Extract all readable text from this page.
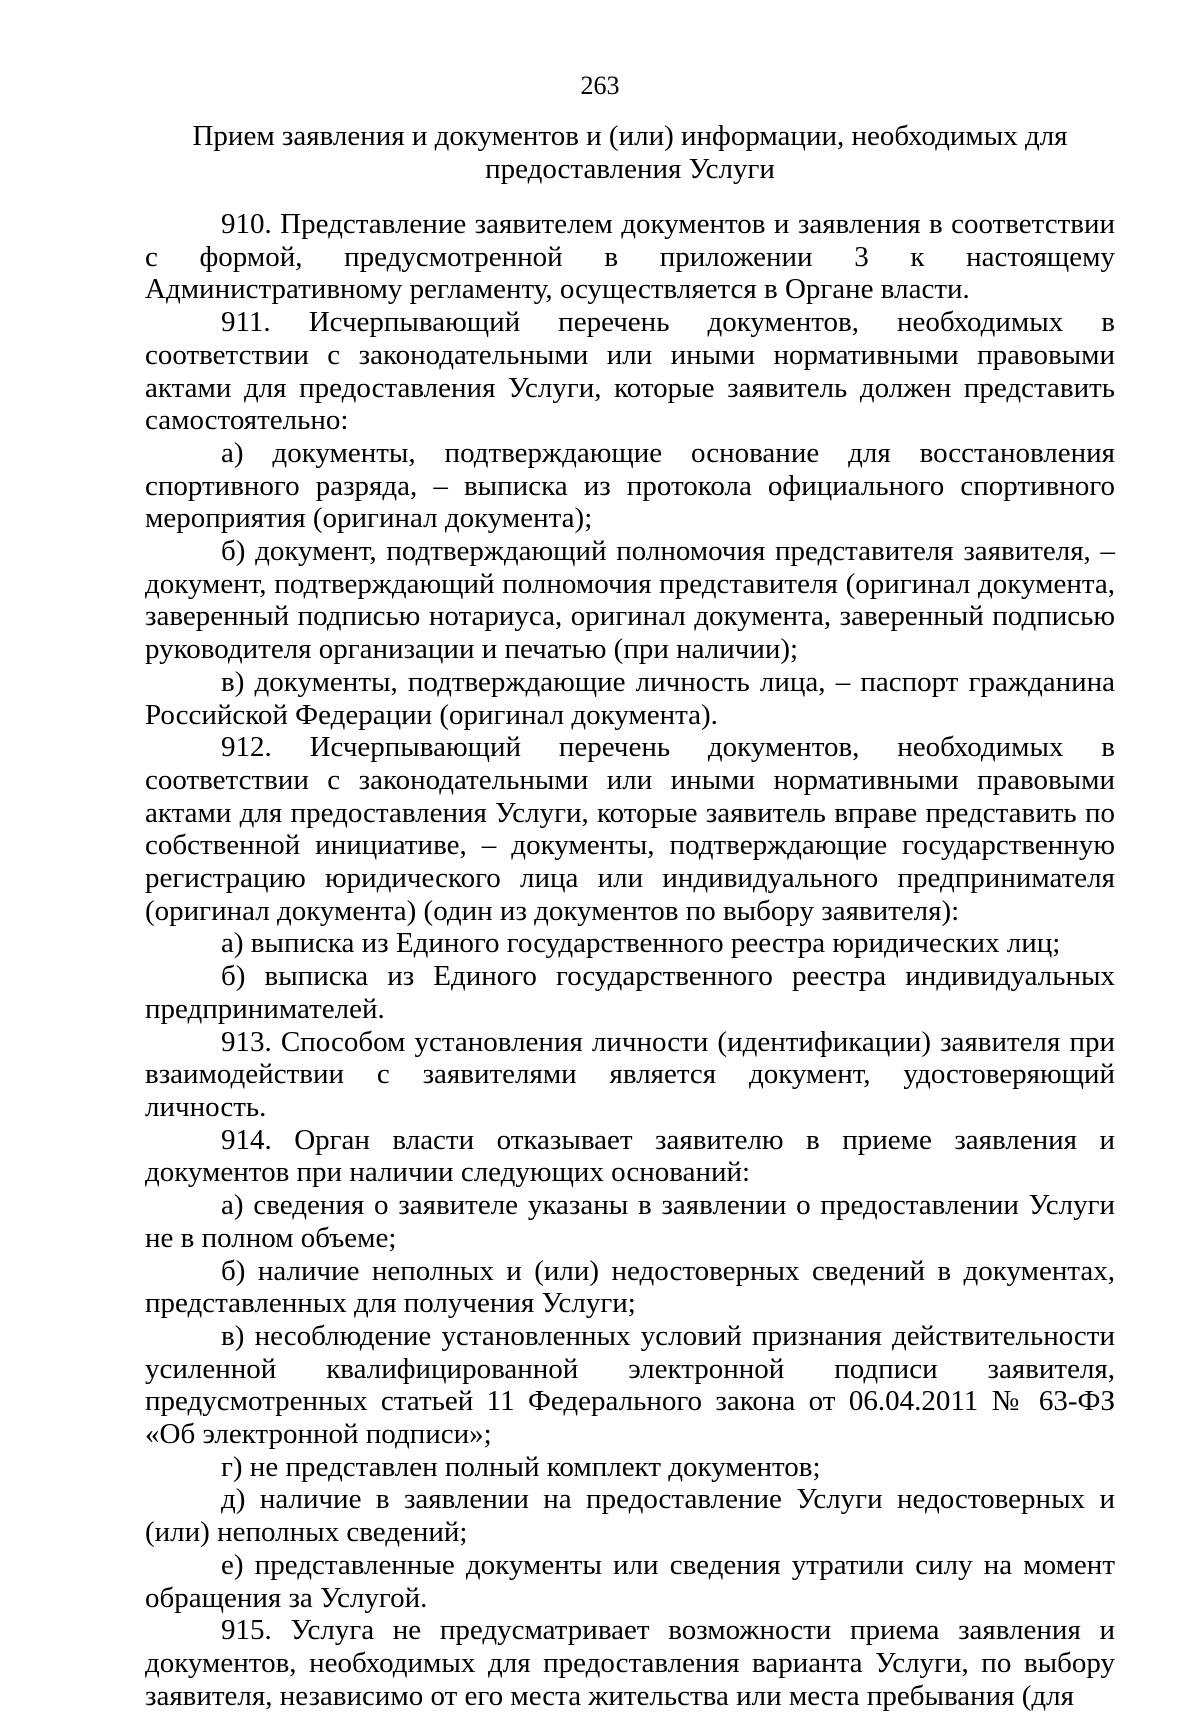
263
Прием заявления и документов и (или) информации, необходимых для предоставления Услуги

910. Представление заявителем документов и заявления в соответствии с формой, предусмотренной в приложении 3 к настоящему Административному регламенту, осуществляется в Органе власти.

911. Исчерпывающий перечень документов, необходимых в соответствии с законодательными или иными нормативными правовыми актами для предоставления Услуги, которые заявитель должен представить самостоятельно:

а) документы, подтверждающие основание для восстановления спортивного разряда, – выписка из протокола официального спортивного мероприятия (оригинал документа);

б) документ, подтверждающий полномочия представителя заявителя, – документ, подтверждающий полномочия представителя (оригинал документа, заверенный подписью нотариуса, оригинал документа, заверенный подписью руководителя организации и печатью (при наличии);

в) документы, подтверждающие личность лица, – паспорт гражданина Российской Федерации (оригинал документа).

912. Исчерпывающий перечень документов, необходимых в соответствии с законодательными или иными нормативными правовыми актами для предоставления Услуги, которые заявитель вправе представить по собственной инициативе, – документы, подтверждающие государственную регистрацию юридического лица или индивидуального предпринимателя (оригинал документа) (один из документов по выбору заявителя):

а) выписка из Единого государственного реестра юридических лиц;

б) выписка из Единого государственного реестра индивидуальных предпринимателей.

913. Способом установления личности (идентификации) заявителя при взаимодействии с заявителями является документ, удостоверяющий личность.

914. Орган власти отказывает заявителю в приеме заявления и документов при наличии следующих оснований:

а) сведения о заявителе указаны в заявлении о предоставлении Услуги не в полном объеме;

б) наличие неполных и (или) недостоверных сведений в документах, представленных для получения Услуги;

в) несоблюдение установленных условий признания действительности усиленной квалифицированной электронной подписи заявителя, предусмотренных статьей 11 Федерального закона от 06.04.2011 № 63-ФЗ «Об электронной подписи»;

г) не представлен полный комплект документов;

д) наличие в заявлении на предоставление Услуги недостоверных и (или) неполных сведений;

е) представленные документы или сведения утратили силу на момент обращения за Услугой.

915. Услуга не предусматривает возможности приема заявления и документов, необходимых для предоставления варианта Услуги, по выбору заявителя, независимо от его места жительства или места пребывания (для
